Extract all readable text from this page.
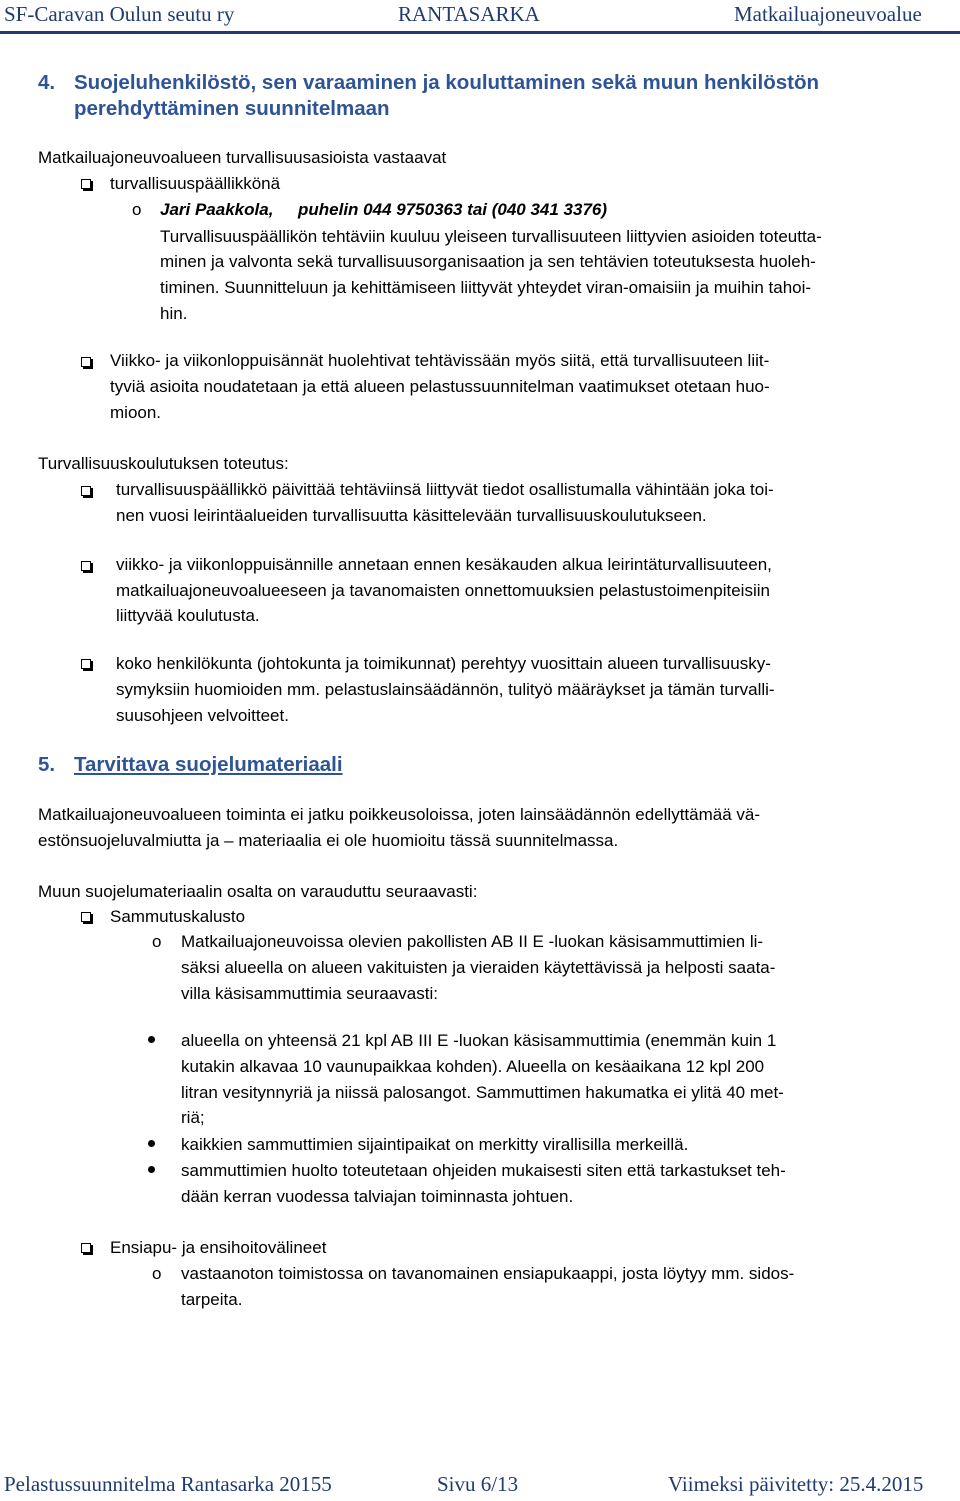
SF-Caravan Oulun seutu ry	RANTASARKA	Matkailuajoneuvoalue
4. Suojeluhenkilöstö, sen varaaminen ja kouluttaminen sekä muun henkilöstön
perehdyttäminen suunnitelmaan
Matkailuajoneuvoalueen turvallisuusasioista vastaavat
turvallisuuspäällikkönä
o Jari Paakkola, puhelin 044 9750363 tai (040 341 3376)
Turvallisuuspäällikön tehtäviin kuuluu yleiseen turvallisuuteen liittyvien asioiden toteutta-
minen ja valvonta sekä turvallisuusorganisaation ja sen tehtävien toteutuksesta huoleh-
timinen. Suunnitteluun ja kehittämiseen liittyvät yhteydet viran-omaisiin ja muihin tahoi-
hin.
Viikko- ja viikonloppuisännät huolehtivat tehtävissään myös siitä, että turvallisuuteen liit-
tyviä asioita noudatetaan ja että alueen pelastussuunnitelman vaatimukset otetaan huo-
mioon.
Turvallisuuskoulutuksen toteutus:
turvallisuuspäällikkö päivittää tehtäviinsä liittyvät tiedot osallistumalla vähintään joka toi-
nen vuosi leirintäalueiden turvallisuutta käsittelevään turvallisuuskoulutukseen.
viikko- ja viikonloppuisännille annetaan ennen kesäkauden alkua leirintäturvallisuuteen,
matkailuajoneuvoalueeseen ja tavanomaisten onnettomuuksien pelastustoimenpiteisiin
liittyvää koulutusta.
koko henkilökunta (johtokunta ja toimikunnat) perehtyy vuosittain alueen turvallisuusky-
symyksiin huomioiden mm. pelastuslainsäädännön, tulityö määräykset ja tämän turvalli-
suusohjeen velvoitteet.
5. Tarvittava suojelumateriaali
Matkailuajoneuvoalueen toiminta ei jatku poikkeusoloissa, joten lainsäädännön edellyttämää vä-
estönsuojeluvalmiutta ja – materiaalia ei ole huomioitu tässä suunnitelmassa.
Muun suojelumateriaalin osalta on varauduttu seuraavasti:
Sammutuskalusto
o Matkailuajoneuvoissa olevien pakollisten AB II E -luokan käsisammuttimien li-
säksi alueella on alueen vakituisten ja vieraiden käytettävissä ja helposti saata-
villa käsisammuttimia seuraavasti:
alueella on yhteensä 21 kpl AB III E -luokan käsisammuttimia (enemmän kuin 1
kutakin alkavaa 10 vaunupaikkaa kohden). Alueella on kesäaikana 12 kpl 200
litran vesitynnyriä ja niissä palosangot. Sammuttimen hakumatka ei ylitä 40 met-
riä;
kaikkien sammuttimien sijaintipaikat on merkitty virallisilla merkeillä.
sammuttimien huolto toteutetaan ohjeiden mukaisesti siten että tarkastukset teh-
dään kerran vuodessa talviajan toiminnasta johtuen.
Ensiapu- ja ensihoitovälineet
o vastaanoton toimistossa on tavanomainen ensiapukaappi, josta löytyy mm. sidos-
tarpeita.
Pelastussuunnitelma Rantasarka 20155	Sivu 6/13	Viimeksi päivitetty: 25.4.2015
